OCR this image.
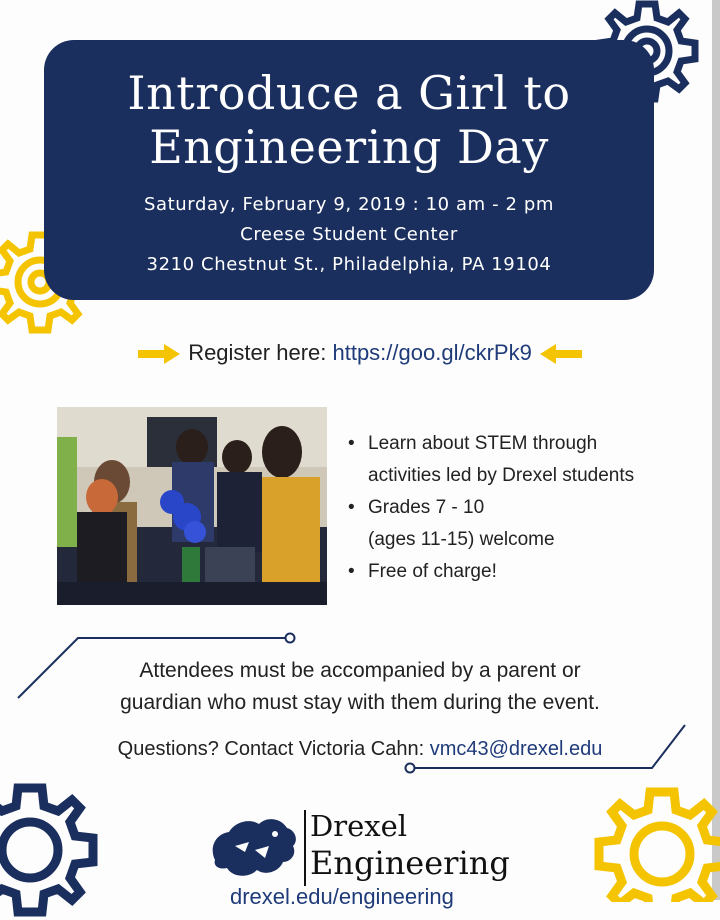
Introduce a Girl to
Engineering Day
Saturday, February 9, 2019 : 10 am - 2 pm
Creese Student Center
3210 Chestnut St., Philadelphia, PA 19104
Register here: https://goo.gl/ckrPk9
• Learn about STEM through
activities led by Drexel students
• Grades 7 - 10
(ages 11-15) welcome
• Free of charge!
Attendees must be accompanied by a parent or
guardian who must stay with them during the event.
Questions? Contact Victoria Cahn: vmc43@drexel.edu
Drexel
Engineering
drexel.edu/engineering
